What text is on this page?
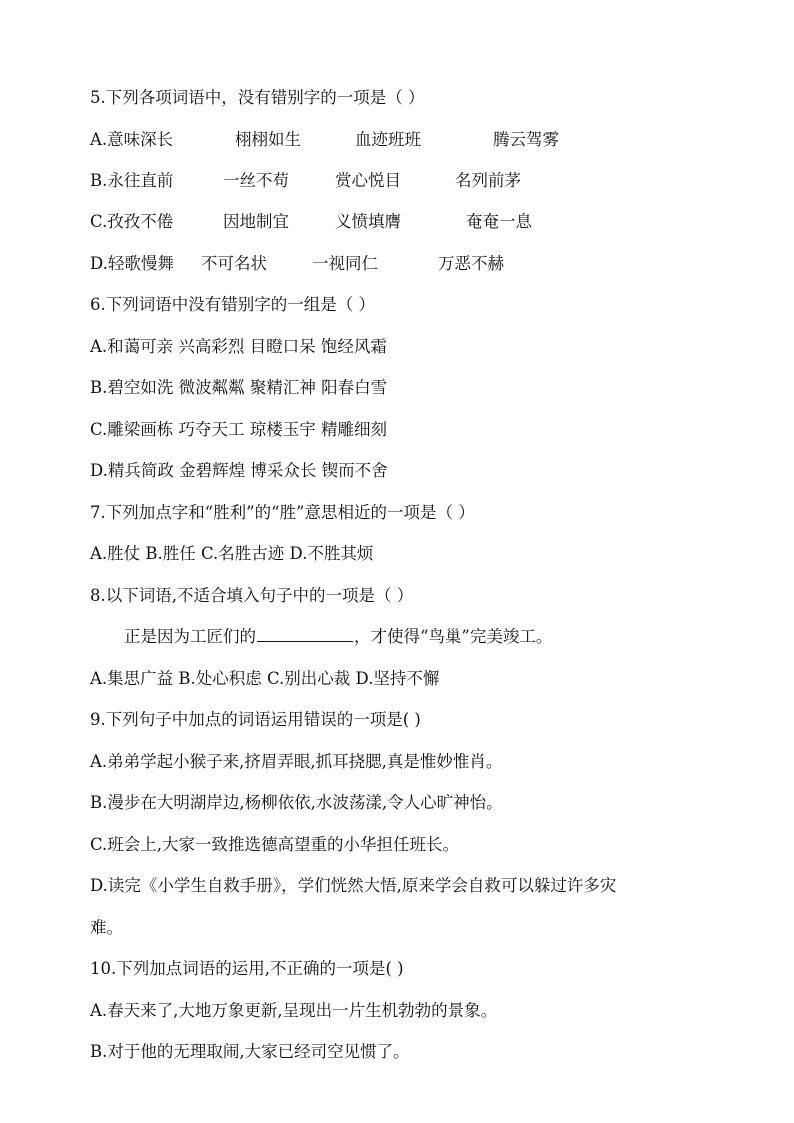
5.下列各项词语中，没有错别字的一项是（ ）
A.意味深长	栩栩如生	血迹班班	腾云驾雾
B.永往直前	一丝不苟	赏心悦目	名列前茅
C.孜孜不倦	因地制宜	义愤填膺	奄奄一息
D.轻歌慢舞 不可名状	一视同仁	万恶不赫
6.下列词语中没有错别字的一组是（ ）
A.和蔼可亲 兴高彩烈 目瞪口呆 饱经风霜
B.碧空如洗 微波粼粼 聚精汇神 阳春白雪
C.雕梁画栋 巧夺天工 琼楼玉宇 精雕细刻
D.精兵简政 金碧辉煌 博采众长 锲而不舍
7.下列加点字和“胜利”的“胜”意思相近的一项是（ ）
A.胜仗 B.胜任 C.名胜古迹 D.不胜其烦
8.以下词语,不适合填入句子中的一项是（ ）
正是因为工匠们的	，才使得“鸟巢”完美竣工。
A.集思广益 B.处心积虑 C.别出心裁 D.坚持不懈
9.下列句子中加点的词语运用错误的一项是( )
A.弟弟学起小猴子来,挤眉弄眼,抓耳挠腮,真是惟妙惟肖。
B.漫步在大明湖岸边,杨柳依依,水波荡漾,令人心旷神怡。
C.班会上,大家一致推选德高望重的小华担任班长。
D.读完《小学生自救手册》，学们恍然大悟,原来学会自救可以躲过许多灾
难。
10.下列加点词语的运用,不正确的一项是( )
A.春天来了,大地万象更新,呈现出一片生机勃勃的景象。
B.对于他的无理取闹,大家已经司空见惯了。
